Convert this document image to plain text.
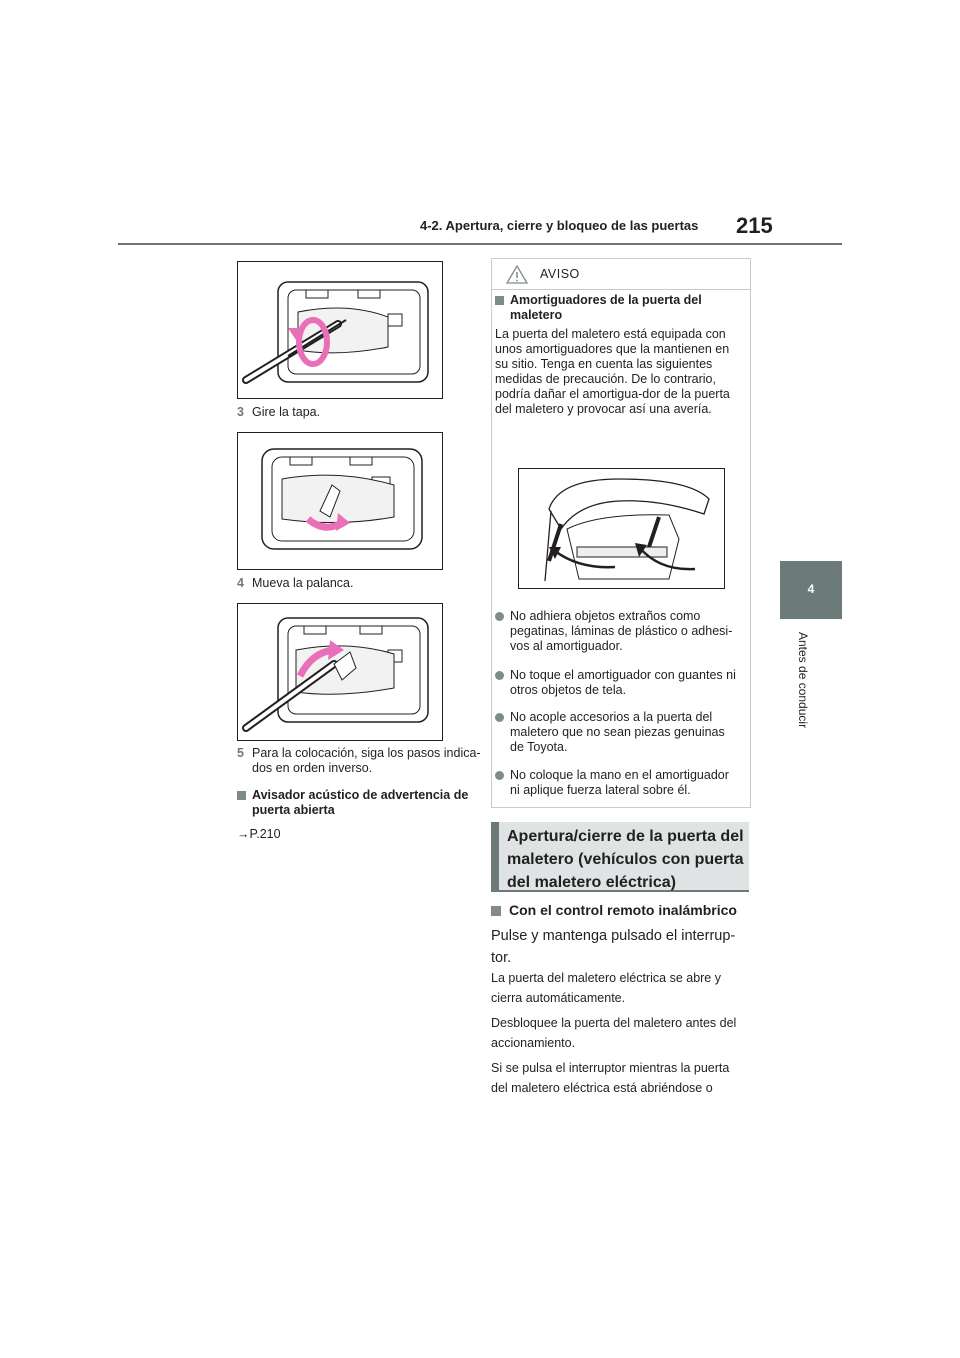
4-2. Apertura, cierre y bloqueo de las puertas 215
4
Antes de conducir
3 Gire la tapa.
4 Mueva la palanca.
5 Para la colocación, siga los pasos indica-dos en orden inverso.
Avisador acústico de advertencia de puerta abierta
→P.210
AVISO
Amortiguadores de la puerta del maletero
La puerta del maletero está equipada con unos amortiguadores que la mantienen en su sitio. Tenga en cuenta las siguientes medidas de precaución. De lo contrario, podría dañar el amortigua-dor de la puerta del maletero y provocar así una avería.
No adhiera objetos extraños como pegatinas, láminas de plástico o adhesi-vos al amortiguador.
No toque el amortiguador con guantes ni otros objetos de tela.
No acople accesorios a la puerta del maletero que no sean piezas genuinas de Toyota.
No coloque la mano en el amortiguador ni aplique fuerza lateral sobre él.
Apertura/cierre de la puerta del maletero (vehículos con puerta del maletero eléctrica)
Con el control remoto inalámbrico
Pulse y mantenga pulsado el interrup-tor.
La puerta del maletero eléctrica se abre y cierra automáticamente.
Desbloquee la puerta del maletero antes del accionamiento.
Si se pulsa el interruptor mientras la puerta del maletero eléctrica está abriéndose o
